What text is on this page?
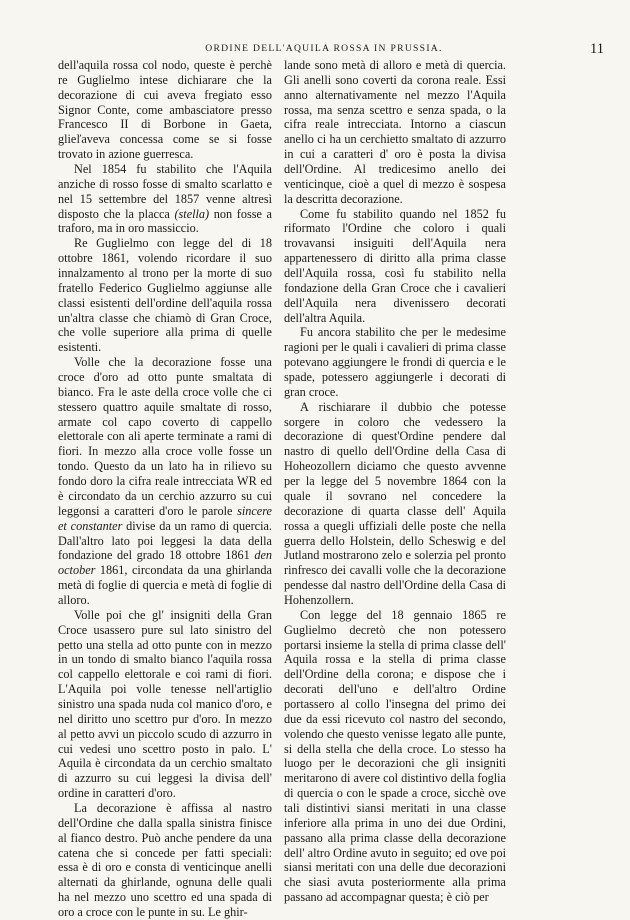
ORDINE DELL'AQUILA ROSSA IN PRUSSIA.	11

dell'aquila rossa col nodo, queste è perchè re Guglielmo intese dichiarare che la decorazione di cui aveva fregiato esso Signor Conte, come ambasciatore presso Francesco II di Borbone in Gaeta, glieľaveva concessa come se si fosse trovato in azione guerresca.

Nel 1854 fu stabilito che l'Aquila anziche di rosso fosse di smalto scarlatto e nel 15 settembre del 1857 venne altresì disposto che la placca (stella) non fosse a traforo, ma in oro massiccio.

Re Guglielmo con legge del di 18 ottobre 1861, volendo ricordare il suo innalzamento al trono per la morte di suo fratello Federico Guglielmo aggiunse alle classi esistenti dell'ordine dell'aquila rossa un'altra classe che chiamò di Gran Croce, che volle superiore alla prima di quelle esistenti.

Volle che la decorazione fosse una croce d'oro ad otto punte smaltata di bianco. Fra le aste della croce volle che ci stessero quattro aquile smaltate di rosso, armate col capo coverto di cappello elettorale con ali aperte terminate a rami di fiori. In mezzo alla croce volle fosse un tondo. Questo da un lato ha in rilievo su fondo doro la cifra reale intrecciata WR ed è circondato da un cerchio azzurro su cui leggonsi a caratteri d'oro le parole sincere et constanter divise da un ramo di quercia. Dall'altro lato poi leggesi la data della fondazione del grado 18 ottobre 1861 den october 1861, circondata da una ghirlanda metà di foglie di quercia e metà di foglie di alloro.

Volle poi che gl' insigniti della Gran Croce usassero pure sul lato sinistro del petto una stella ad otto punte con in mezzo in un tondo di smalto bianco l'aquila rossa col cappello elettorale e coi rami di fiori. L'Aquila poi volle tenesse nell'artiglio sinistro una spada nuda col manico d'oro, e nel diritto uno scettro pur d'oro. In mezzo al petto avvi un piccolo scudo di azzurro in cui vedesi uno scettro posto in palo. L' Aquila è circondata da un cerchio smaltato di azzurro su cui leggesi la divisa dell' ordine in caratteri d'oro.

La decorazione è affissa al nastro dell'Ordine che dalla spalla sinistra finisce al fianco destro. Può anche pendere da una catena che si concede per fatti speciali: essa è di oro e consta di venticinque anelli alternati da ghirlande, ognuna delle quali ha nel mezzo uno scettro ed una spada di oro a croce con le punte in su. Le ghir-

lande sono metà di alloro e metà di quercia. Gli anelli sono coverti da corona reale. Essi anno alternativamente nel mezzo l'Aquila rossa, ma senza scettro e senza spada, o la cifra reale intrecciata. Intorno a ciascun anello ci ha un cerchietto smaltato di azzurro in cui a caratteri d' oro è posta la divisa dell'Ordine. Al tredicesimo anello dei venticinque, cioè a quel di mezzo è sospesa la descritta decorazione.

Come fu stabilito quando nel 1852 fu riformato l'Ordine che coloro i quali trovavansi insiguiti dell'Aquila nera appartenessero di diritto alla prima classe dell'Aquila rossa, così fu stabilito nella fondazione della Gran Croce che i cavalieri dell'Aquila nera divenissero decorati dell'altra Aquila.

Fu ancora stabilito che per le medesime ragioni per le quali i cavalieri di prima classe potevano aggiungere le frondi di quercia e le spade, potessero aggiungerle i decorati di gran croce.

A rischiarare il dubbio che potesse sorgere in coloro che vedessero la decorazione di quest'Ordine pendere dal nastro di quello dell'Ordine della Casa di Hoheozollern diciamo che questo avvenne per la legge del 5 novembre 1864 con la quale il sovrano nel concedere la decorazione di quarta classe dell' Aquila rossa a quegli uffiziali delle poste che nella guerra dello Holstein, dello Scheswig e del Jutland mostrarono zelo e solerzia pel pronto rinfresco dei cavalli volle che la decorazione pendesse dal nastro dell'Ordine della Casa di Hohenzollern.

Con legge del 18 gennaio 1865 re Guglielmo decretò che non potessero portarsi insieme la stella di prima classe dell' Aquila rossa e la stella di prima classe dell'Ordine della corona; e dispose che i decorati dell'uno e dell'altro Ordine portassero al collo l'insegna del primo dei due da essi ricevuto col nastro del secondo, volendo che questo venisse legato alle punte, si della stella che della croce. Lo stesso ha luogo per le decorazioni che gli insigniti meritarono di avere col distintivo della foglia di quercia o con le spade a croce, sicchè ove tali distintivi siansi meritati in una classe inferiore alla prima in uno dei due Ordini, passano alla prima classe della decorazione dell' altro Ordine avuto in seguito; ed ove poi siansi meritati con una delle due decorazioni che siasi avuta posteriormente alla prima passano ad accompagnar questa; è ciò per
